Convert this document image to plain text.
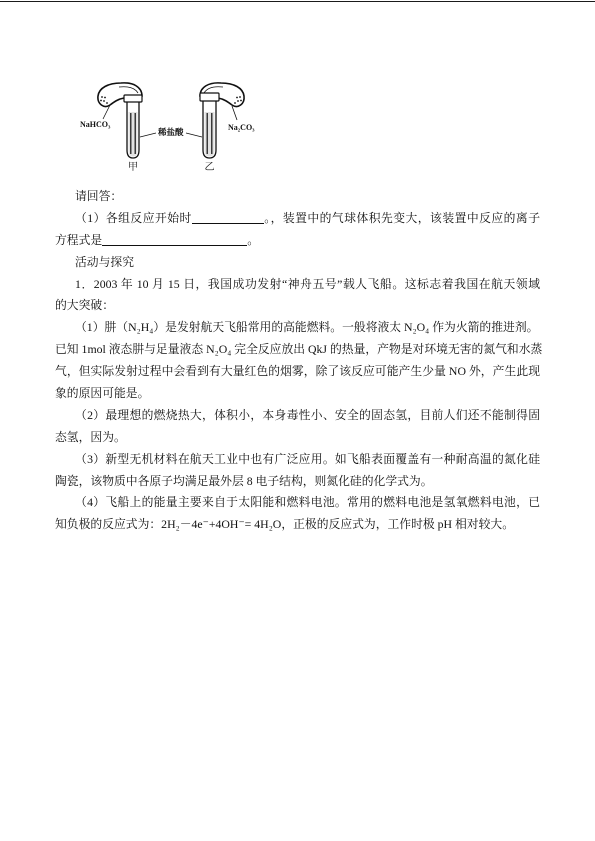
NaHCO₃
甲
稀盐酸	Na₂CO₃
乙
请回答：
（1）各组反应开始时	。，装置中的气球体积先变大，该装置中反应的离子
方程式是	。
活动与探究
1．2003 年 10 月 15 日，我国成功发射“神舟五号”载人飞船。这标志着我国在航天领域
的大突破：
（1）肼（N₂H₄）是发射航天飞船常用的高能燃料。一般将液太 N₂O₄ 作为火箭的推进剂。
已知 1mol 液态肼与足量液态 N₂O₄ 完全反应放出 QkJ 的热量，产物是对环境无害的氮气和水蒸
气，但实际发射过程中会看到有大量红色的烟雾，除了该反应可能产生少量 NO 外，产生此现
象的原因可能是。
（2）最理想的燃烧热大，体积小，本身毒性小、安全的固态氢，目前人们还不能制得固
态氢，因为。
（3）新型无机材料在航天工业中也有广泛应用。如飞船表面覆盖有一种耐高温的氮化硅
陶瓷，该物质中各原子均满足最外层 8 电子结构，则氮化硅的化学式为。
（4）飞船上的能量主要来自于太阳能和燃料电池。常用的燃料电池是氢氧燃料电池，已
知负极的反应式为：2H₂－4e⁻+4OH⁻= 4H₂O，正极的反应式为，工作时极 pH 相对较大。
